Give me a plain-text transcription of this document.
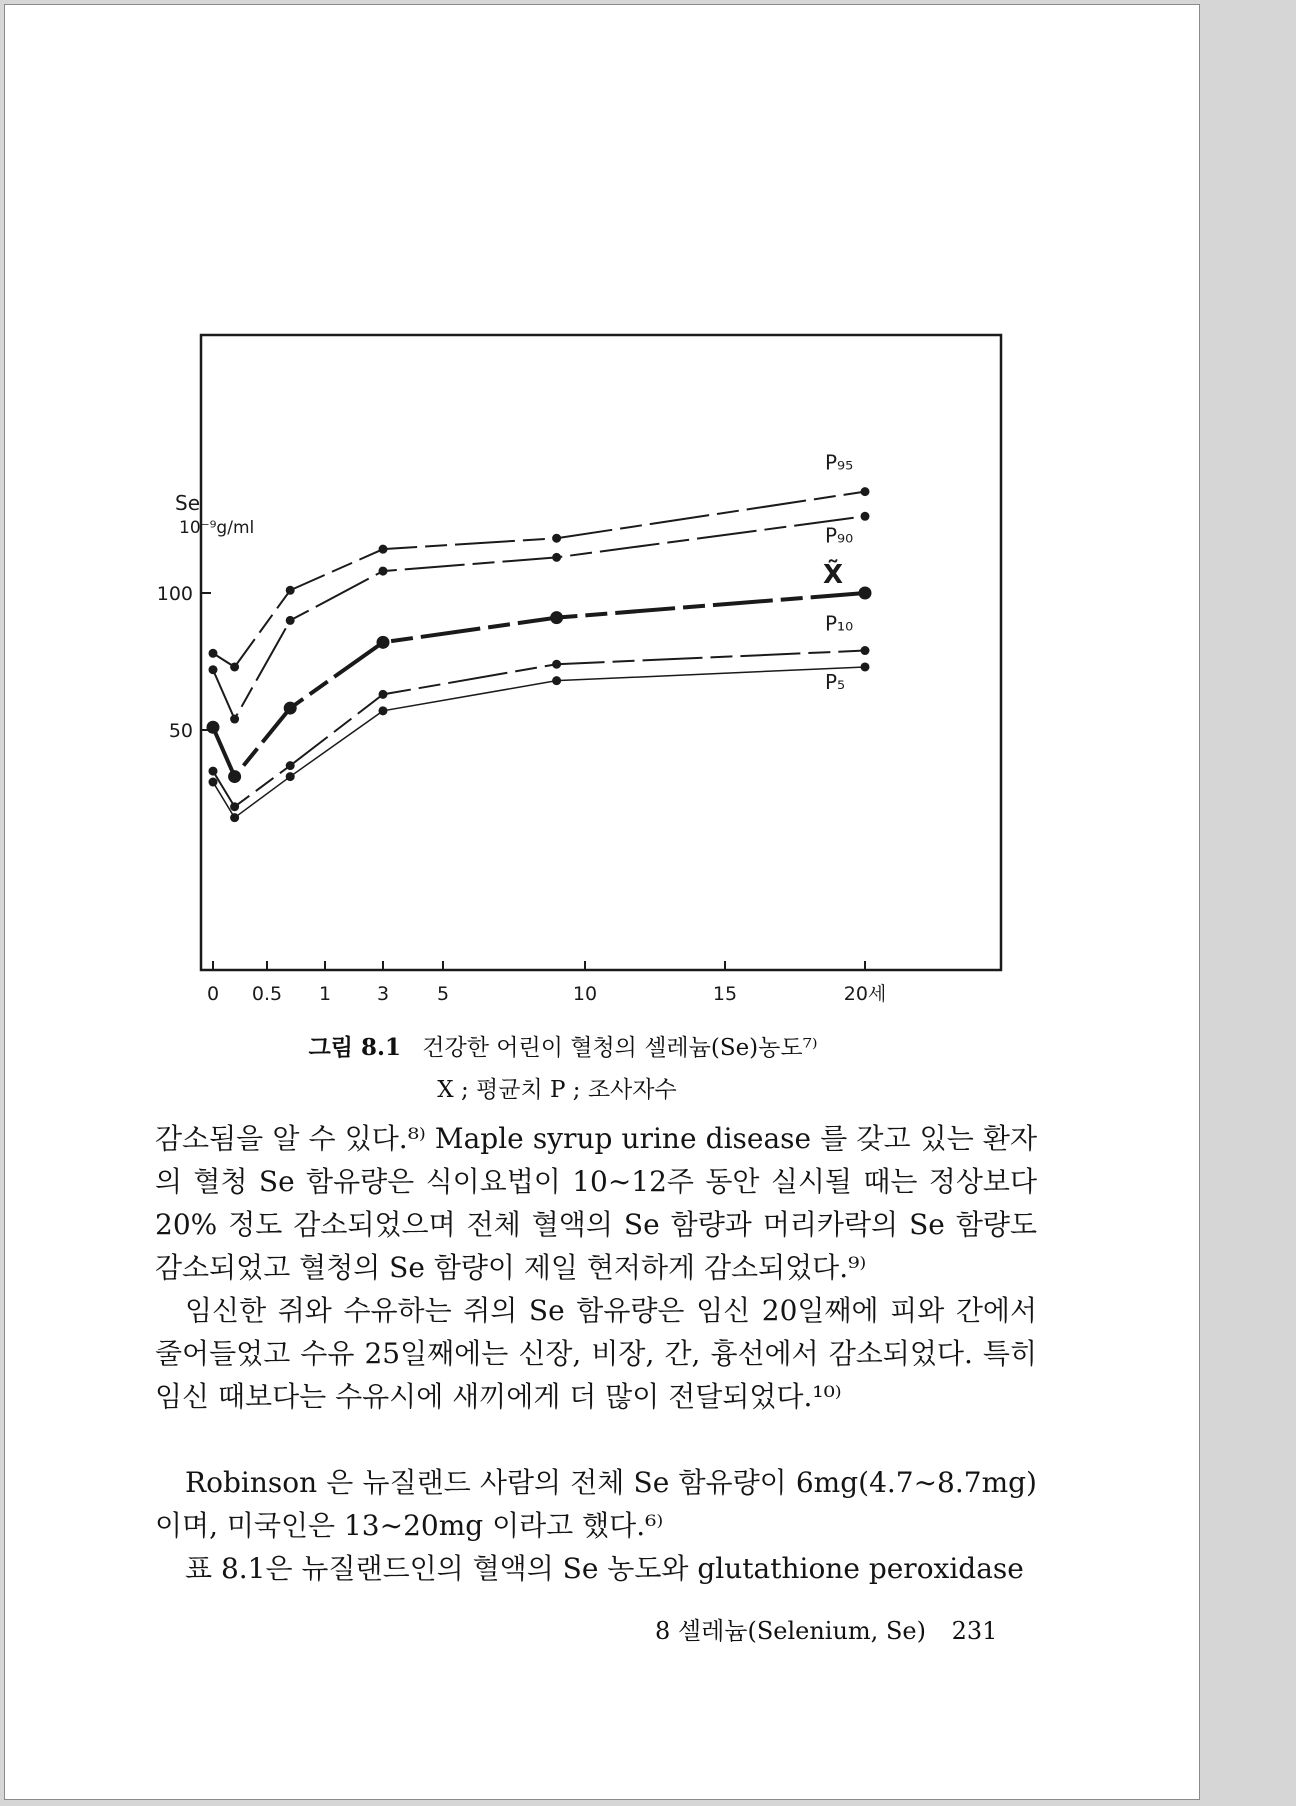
Se
10⁻⁹g/ml
0 0.5 1 3	5	10	15	20세
100
50
P₉₅
P₉₀
X̃
P₁₀
P₅
그림 8.1 건강한 어린이 혈청의 셀레늄(Se)농도⁷⁾
X ; 평균치 P ; 조사자수

감소됨을 알 수 있다.⁸⁾ Maple syrup urine disease 를 갖고 있는 환자의 혈청 Se 함유량은 식이요법이 10∼12주 동안 실시될 때는 정상보다 20% 정도 감소되었으며 전체 혈액의 Se 함량과 머리카락의 Se 함량도 감소되었고 혈청의 Se 함량이 제일 현저하게 감소되었다.⁹⁾

임신한 쥐와 수유하는 쥐의 Se 함유량은 임신 20일째에 피와 간에서 줄어들었고 수유 25일째에는 신장, 비장, 간, 흉선에서 감소되었다. 특히 임신 때보다는 수유시에 새끼에게 더 많이 전달되었다.¹⁰⁾

Robinson 은 뉴질랜드 사람의 전체 Se 함유량이 6mg(4.7∼8.7mg) 이며, 미국인은 13∼20mg 이라고 했다.⁶⁾

표 8.1은 뉴질랜드인의 혈액의 Se 농도와 glutathione peroxidase

8 셀레늄(Selenium, Se) 231
